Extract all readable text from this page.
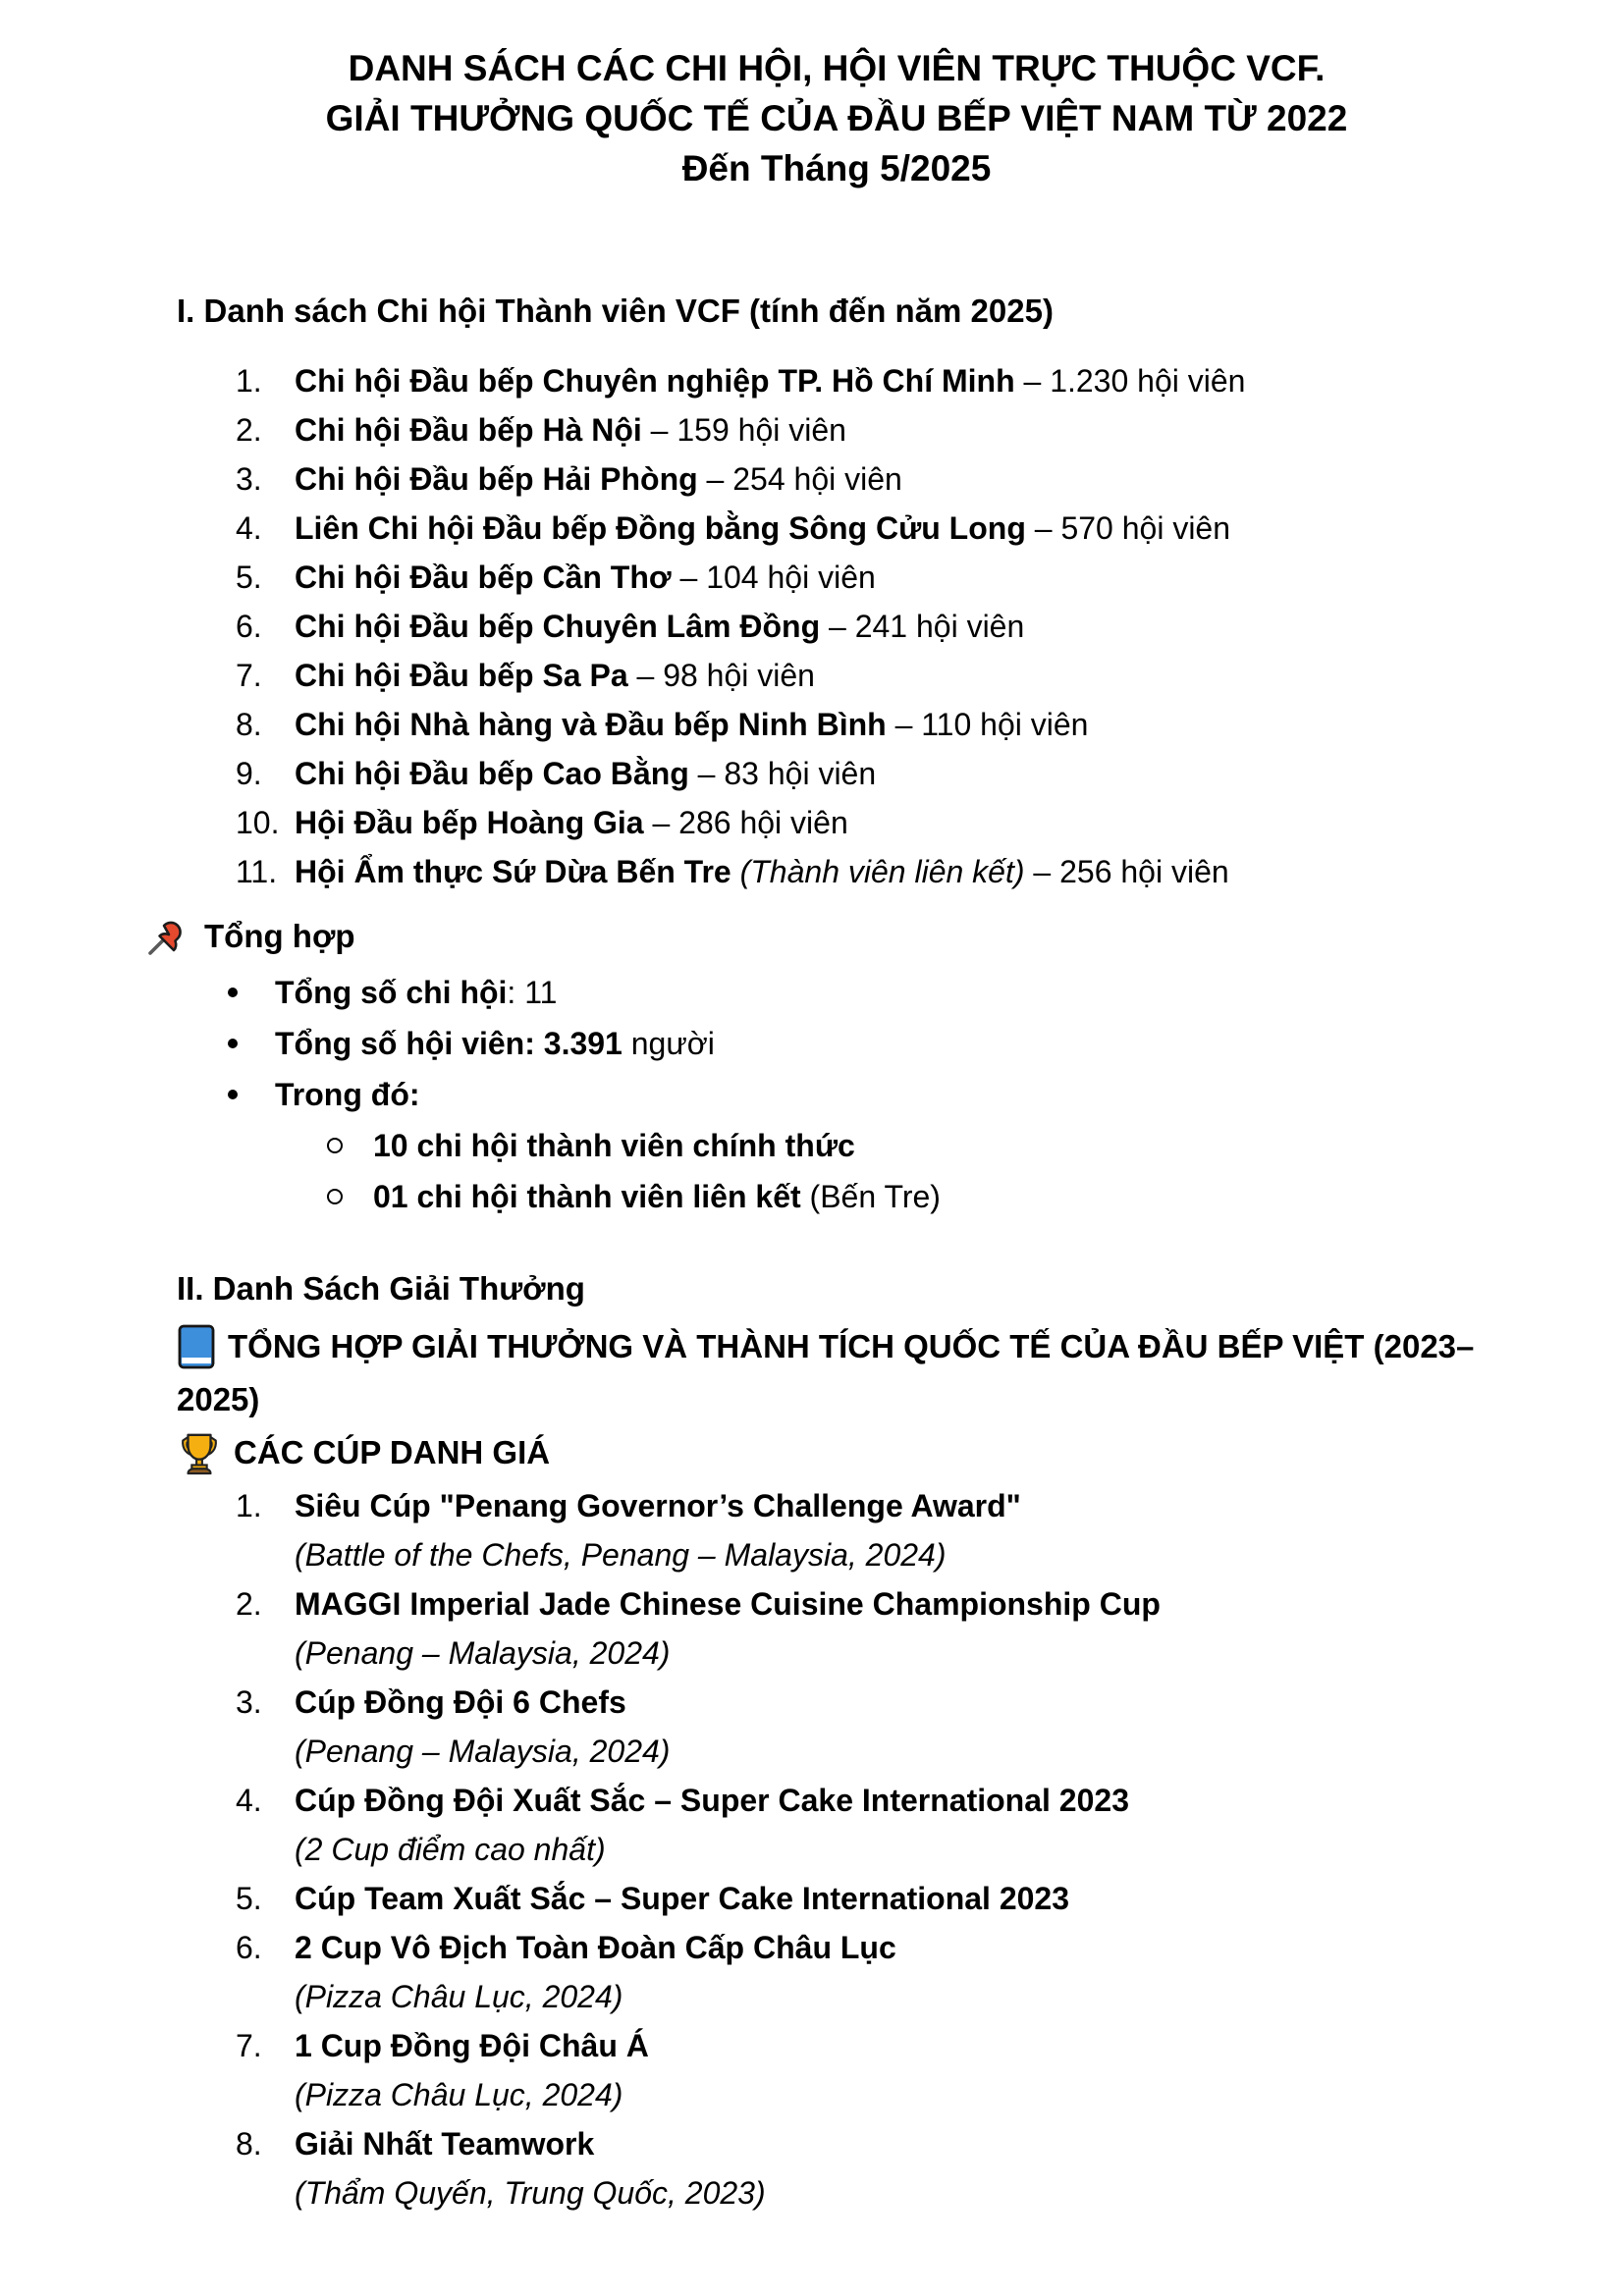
DANH SÁCH CÁC CHI HỘI, HỘI VIÊN TRỰC THUỘC VCF.
GIẢI THƯỞNG QUỐC TẾ CỦA ĐẦU BẾP VIỆT NAM TỪ 2022
Đến Tháng 5/2025
I. Danh sách Chi hội Thành viên VCF (tính đến năm 2025)
1.	Chi hội Đầu bếp Chuyên nghiệp TP. Hồ Chí Minh – 1.230 hội viên
2.	Chi hội Đầu bếp Hà Nội – 159 hội viên
3.	Chi hội Đầu bếp Hải Phòng – 254 hội viên
4.	Liên Chi hội Đầu bếp Đồng bằng Sông Cửu Long – 570 hội viên
5.	Chi hội Đầu bếp Cần Thơ – 104 hội viên
6.	Chi hội Đầu bếp Chuyên Lâm Đồng – 241 hội viên
7.	Chi hội Đầu bếp Sa Pa – 98 hội viên
8.	Chi hội Nhà hàng và Đầu bếp Ninh Bình – 110 hội viên
9.	Chi hội Đầu bếp Cao Bằng – 83 hội viên
10. Hội Đầu bếp Hoàng Gia – 286 hội viên
11. Hội Ẩm thực Sứ Dừa Bến Tre (Thành viên liên kết) – 256 hội viên
Tổng hợp
Tổng số chi hội: 11
Tổng số hội viên: 3.391 người
Trong đó:
10 chi hội thành viên chính thức
01 chi hội thành viên liên kết (Bến Tre)
II. Danh Sách Giải Thưởng
TỔNG HỢP GIẢI THƯỞNG VÀ THÀNH TÍCH QUỐC TẾ CỦA ĐẦU BẾP VIỆT (2023–
2025)
CÁC CÚP DANH GIÁ
1.	Siêu Cúp "Penang Governor’s Challenge Award"
(Battle of the Chefs, Penang – Malaysia, 2024)
2.	MAGGI Imperial Jade Chinese Cuisine Championship Cup
(Penang – Malaysia, 2024)
3.	Cúp Đồng Đội 6 Chefs
(Penang – Malaysia, 2024)
4.	Cúp Đồng Đội Xuất Sắc – Super Cake International 2023
(2 Cup điểm cao nhất)
5.	Cúp Team Xuất Sắc – Super Cake International 2023
6.	2 Cup Vô Địch Toàn Đoàn Cấp Châu Lục
(Pizza Châu Lục, 2024)
7.	1 Cup Đồng Đội Châu Á
(Pizza Châu Lục, 2024)
8.	Giải Nhất Teamwork
(Thẩm Quyến, Trung Quốc, 2023)
